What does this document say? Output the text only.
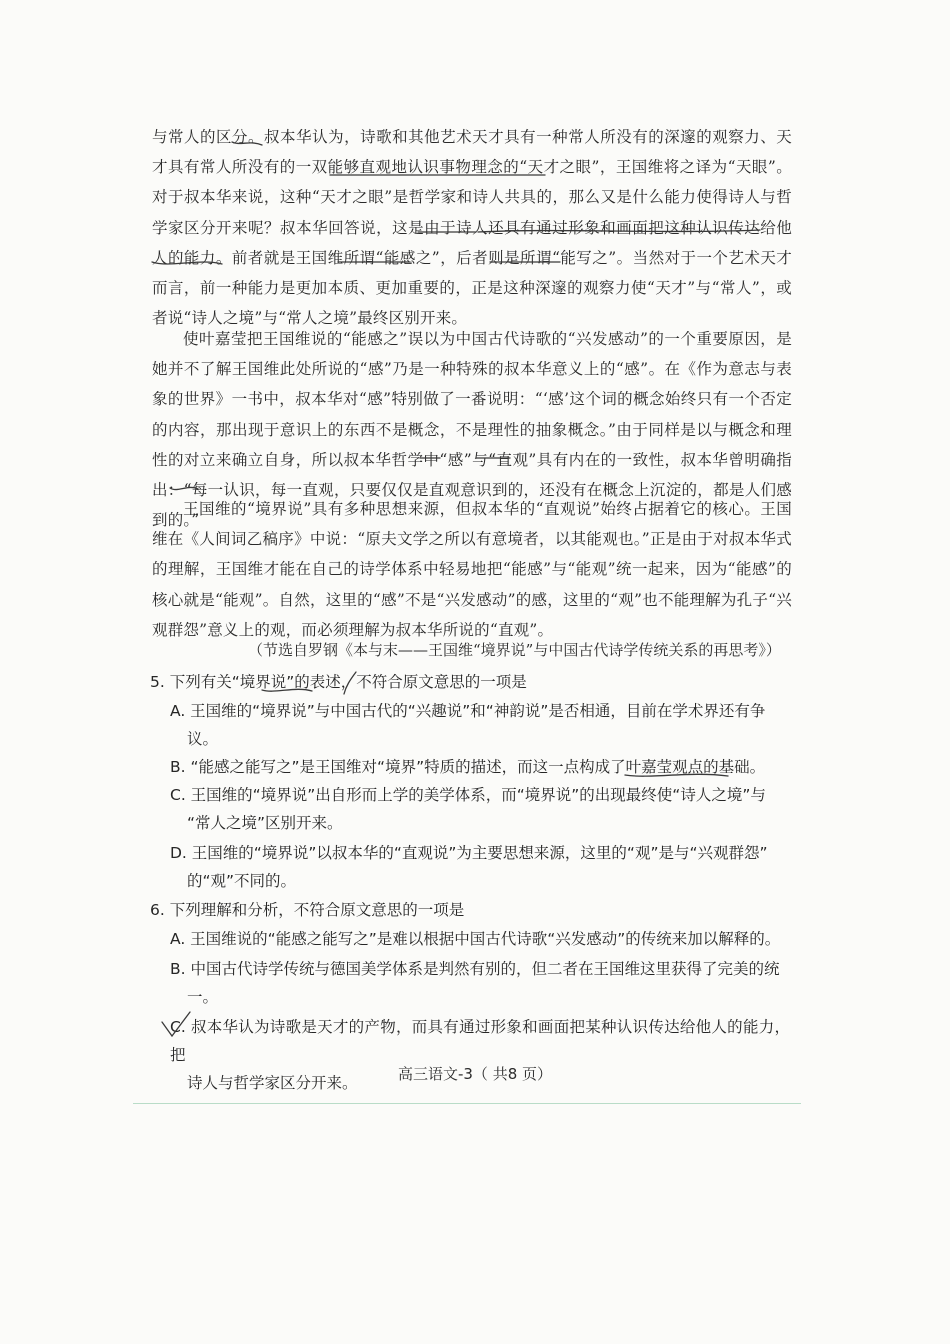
与常人的区分。叔本华认为，诗歌和其他艺术天才具有一种常人所没有的深邃的观察力、天才具有常人所没有的一双能够直观地认识事物理念的“天才之眼”，王国维将之译为“天眼”。对于叔本华来说，这种“天才之眼”是哲学家和诗人共具的，那么又是什么能力使得诗人与哲学家区分开来呢？叔本华回答说，这是由于诗人还具有通过形象和画面把这种认识传达给他人的能力。前者就是王国维所谓“能感之”，后者则是所谓“能写之”。当然对于一个艺术天才而言，前一种能力是更加本质、更加重要的，正是这种深邃的观察力使“天才”与“常人”，或者说“诗人之境”与“常人之境”最终区别开来。
使叶嘉莹把王国维说的“能感之”误以为中国古代诗歌的“兴发感动”的一个重要原因，是她并不了解王国维此处所说的“感”乃是一种特殊的叔本华意义上的“感”。在《作为意志与表象的世界》一书中，叔本华对“感”特别做了一番说明：“‘感’这个词的概念始终只有一个否定的内容，那出现于意识上的东西不是概念，不是理性的抽象概念。”由于同样是以与概念和理性的对立来确立自身，所以叔本华哲学中“感”与“直观”具有内在的一致性，叔本华曾明确指出：“每一认识，每一直观，只要仅仅是直观意识到的，还没有在概念上沉淀的，都是人们感到的。”
王国维的“境界说”具有多种思想来源，但叔本华的“直观说”始终占据着它的核心。王国维在《人间词乙稿序》中说：“原夫文学之所以有意境者，以其能观也。”正是由于对叔本华式的理解，王国维才能在自己的诗学体系中轻易地把“能感”与“能观”统一起来，因为“能感”的核心就是“能观”。自然，这里的“感”不是“兴发感动”的感，这里的“观”也不能理解为孔子“兴观群怨”意义上的观，而必须理解为叔本华所说的“直观”。
（节选自罗钢《本与末——王国维“境界说”与中国古代诗学传统关系的再思考》）
5. 下列有关“境界说”的表述，不符合原文意思的一项是
A. 王国维的“境界说”与中国古代的“兴趣说”和“神韵说”是否相通，目前在学术界还有争
议。
B. “能感之能写之”是王国维对“境界”特质的描述，而这一点构成了叶嘉莹观点的基础。
C. 王国维的“境界说”出自形而上学的美学体系，而“境界说”的出现最终使“诗人之境”与
“常人之境”区别开来。
D. 王国维的“境界说”以叔本华的“直观说”为主要思想来源，这里的“观”是与“兴观群怨”
的“观”不同的。
6. 下列理解和分析，不符合原文意思的一项是
A. 王国维说的“能感之能写之”是难以根据中国古代诗歌“兴发感动”的传统来加以解释的。
B. 中国古代诗学传统与德国美学体系是判然有别的，但二者在王国维这里获得了完美的统
一。
C. 叔本华认为诗歌是天才的产物，而具有通过形象和画面把某种认识传达给他人的能力，把
诗人与哲学家区分开来。	高三语文-3（ 共8 页）
